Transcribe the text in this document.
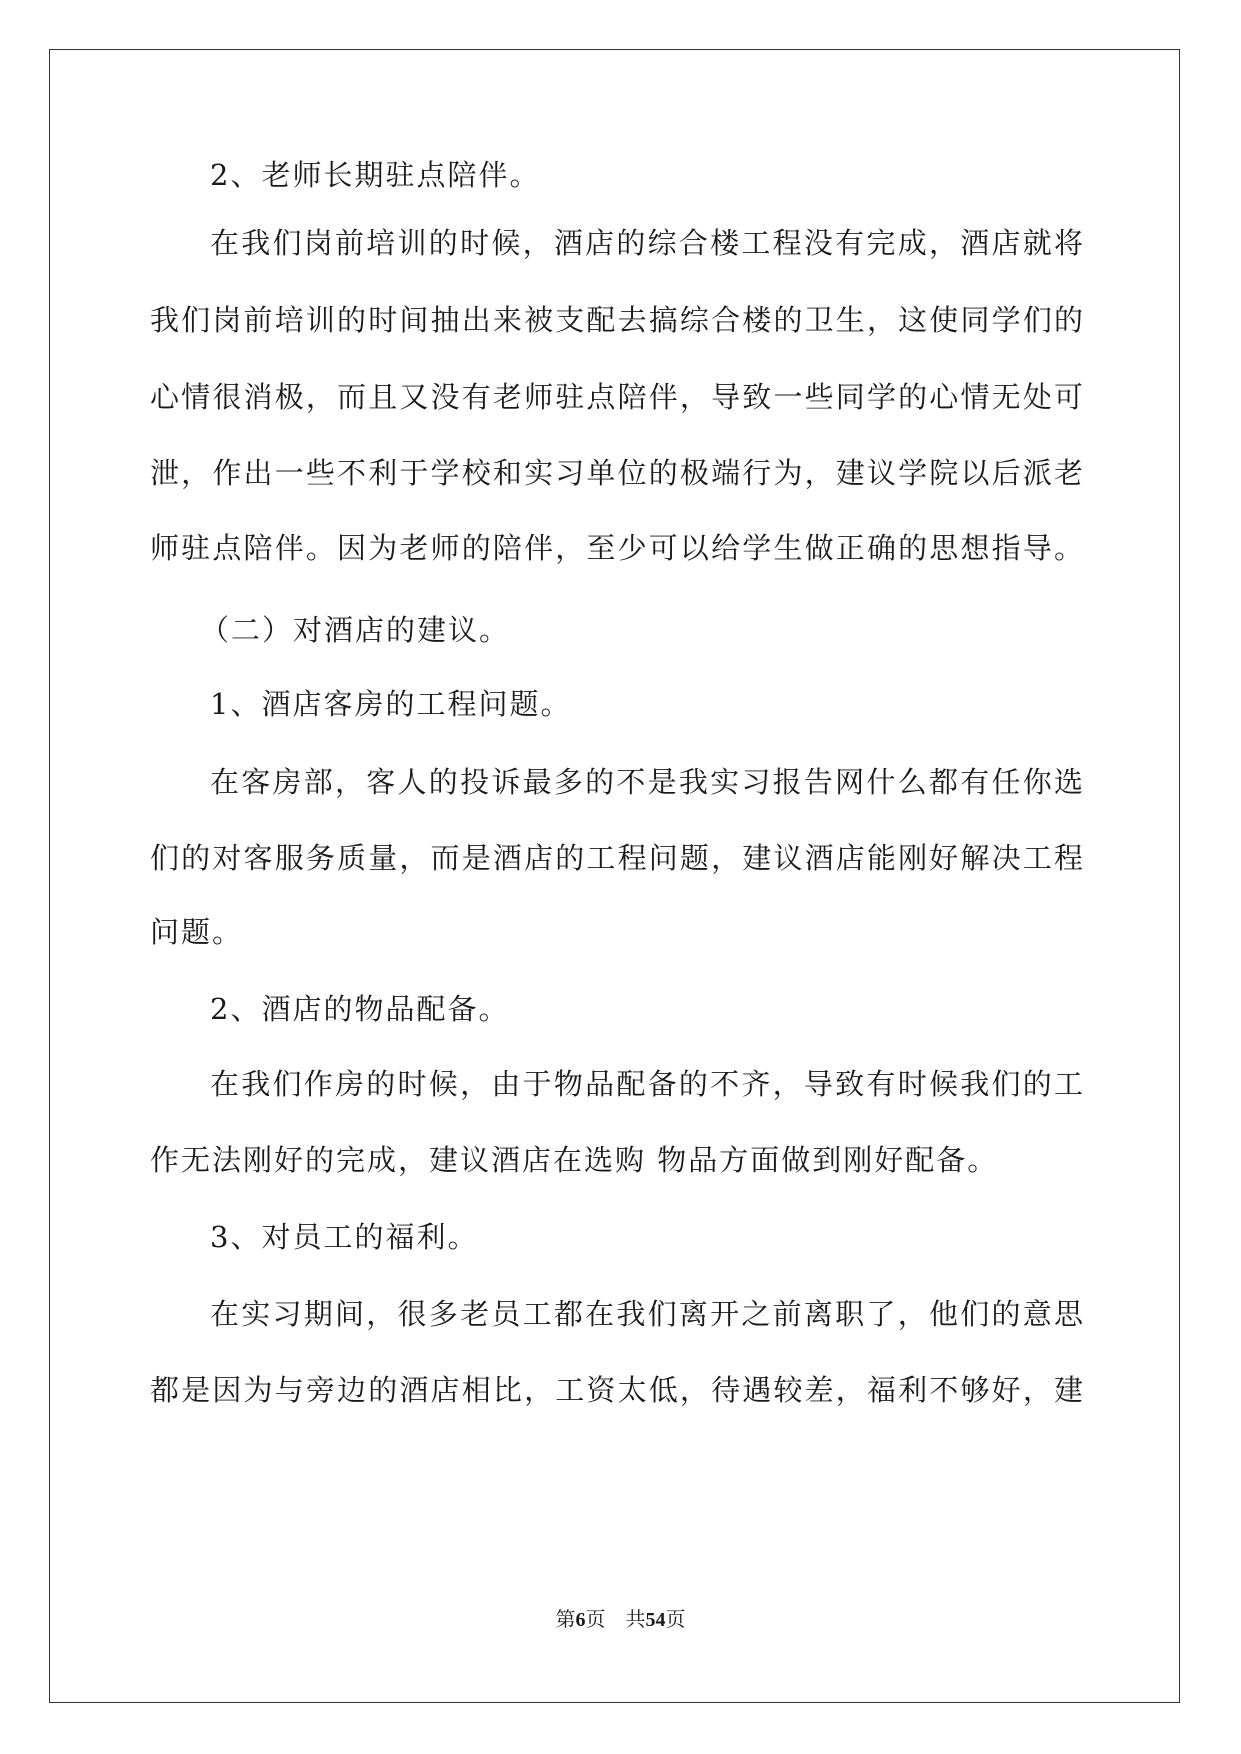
2、老师长期驻点陪伴。
在我们岗前培训的时候，酒店的综合楼工程没有完成，酒店就将
我们岗前培训的时间抽出来被支配去搞综合楼的卫生，这使同学们的
心情很消极，而且又没有老师驻点陪伴，导致一些同学的心情无处可
泄，作出一些不利于学校和实习单位的极端行为，建议学院以后派老
师驻点陪伴。因为老师的陪伴，至少可以给学生做正确的思想指导。
（二）对酒店的建议。
1、酒店客房的工程问题。
在客房部，客人的投诉最多的不是我实习报告网什么都有任你选
们的对客服务质量，而是酒店的工程问题，建议酒店能刚好解决工程
问题。
2、酒店的物品配备。
在我们作房的时候，由于物品配备的不齐，导致有时候我们的工
作无法刚好的完成，建议酒店在选购 物品方面做到刚好配备。
3、对员工的福利。
在实习期间，很多老员工都在我们离开之前离职了，他们的意思
都是因为与旁边的酒店相比，工资太低，待遇较差，福利不够好，建
第6页 共54页
